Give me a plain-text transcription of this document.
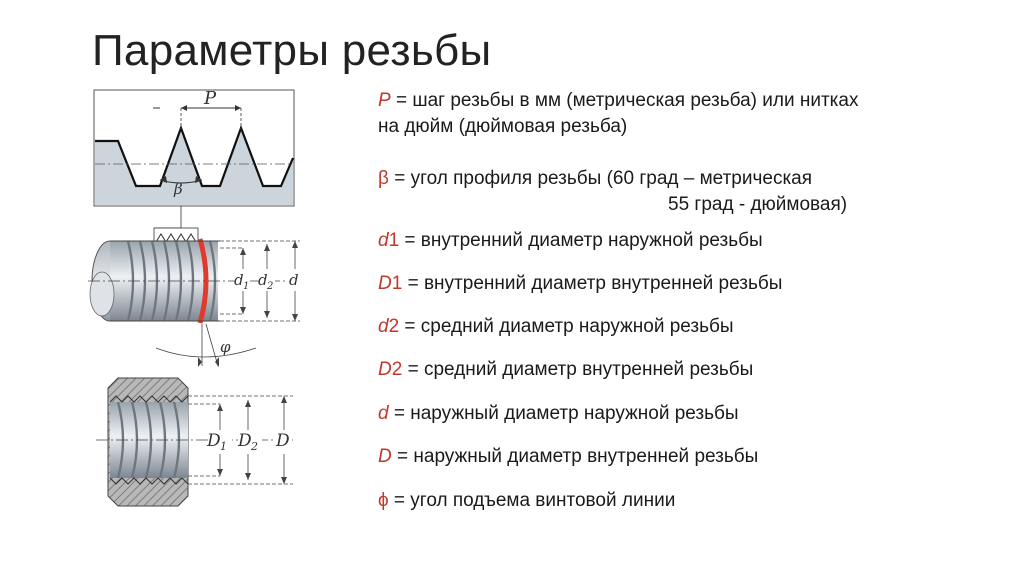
Параметры резьбы
P
β
d 1 d 2 d
φ
D 1 D 2 D
P = шаг резьбы в мм (метрическая резьба) или нитках
на дюйм (дюймовая резьба)
β = угол профиля резьбы (60 град – метрическая
55 град - дюймовая)
d1 = внутренний диаметр наружной резьбы
D1 = внутренний диаметр внутренней резьбы
d2 = средний диаметр наружной резьбы
D2 = средний диаметр внутренней резьбы
d = наружный диаметр наружной резьбы
D = наружный диаметр внутренней резьбы
ϕ = угол подъема винтовой линии
